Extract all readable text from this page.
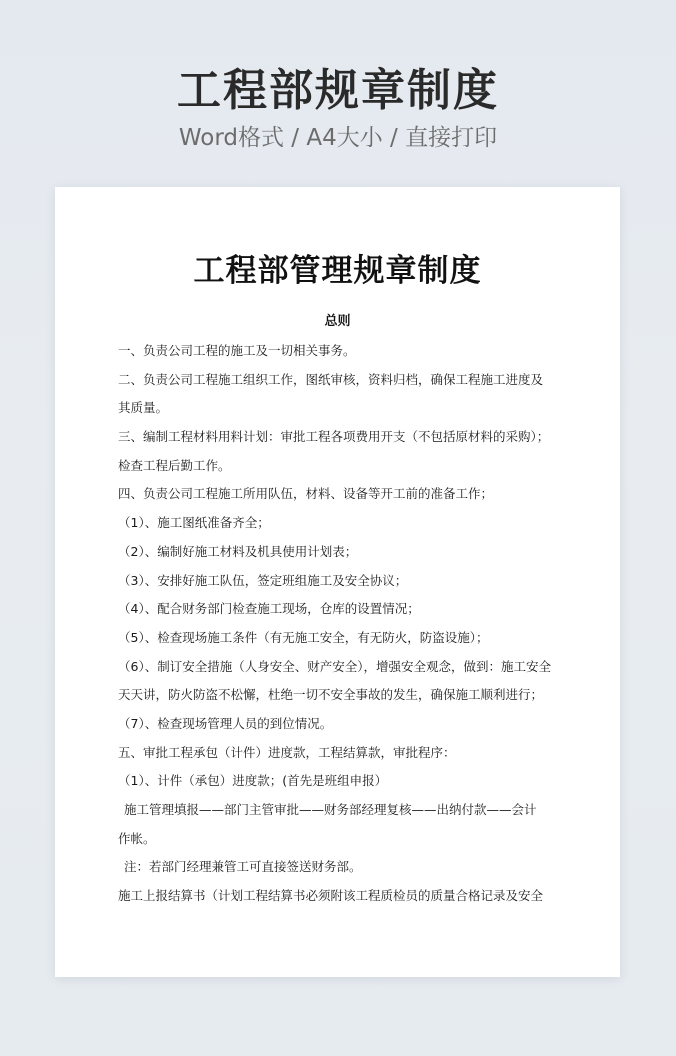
工程部规章制度
Word格式 / A4大小 / 直接打印
工程部管理规章制度
总则
一、负责公司工程的施工及一切相关事务。
二、负责公司工程施工组织工作，图纸审核，资料归档，确保工程施工进度及
其质量。
三、编制工程材料用料计划：审批工程各项费用开支（不包括原材料的采购）；
检查工程后勤工作。
四、负责公司工程施工所用队伍，材料、设备等开工前的准备工作；
（1）、施工图纸准备齐全；
（2）、编制好施工材料及机具使用计划表；
（3）、安排好施工队伍，签定班组施工及安全协议；
（4）、配合财务部门检查施工现场，仓库的设置情况；
（5）、检查现场施工条件（有无施工安全，有无防火，防盗设施）；
（6）、制订安全措施（人身安全、财产安全），增强安全观念，做到：施工安全
天天讲，防火防盗不松懈，杜绝一切不安全事故的发生，确保施工顺利进行；
（7）、检查现场管理人员的到位情况。
五、审批工程承包（计件）进度款，工程结算款，审批程序：
（1）、计件（承包）进度款；(首先是班组申报）
施工管理填报——部门主管审批——财务部经理复核——出纳付款——会计
作帐。
注：若部门经理兼管工可直接签送财务部。
施工上报结算书（计划工程结算书必须附该工程质检员的质量合格记录及安全
